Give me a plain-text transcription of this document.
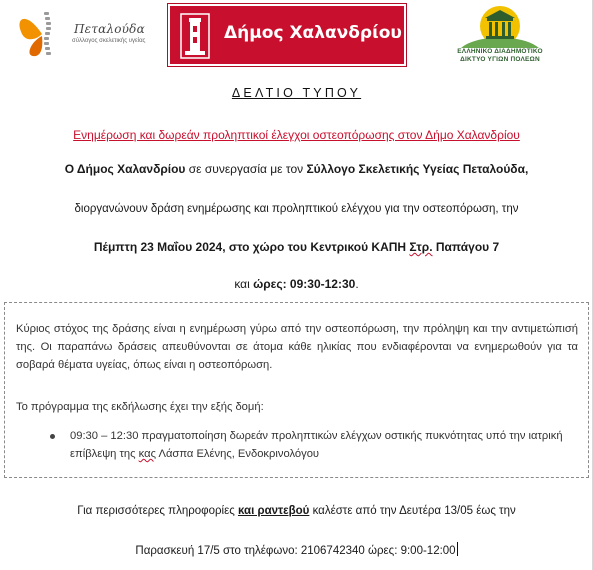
Πεταλούδα
σύλλογος σκελετικής υγείας	Δήμος Χαλανδρίου
ΕΛΛΗΝΙΚΟ ΔΙΑΔΗΜΟΤΙΚΟ
ΔΙΚΤΥΟ ΥΓΙΩΝ ΠΟΛΕΩΝ
ΔΕΛΤΙΟ ΤΥΠΟΥ
Ενημέρωση και δωρεάν προληπτικοί έλεγχοι οστεοπόρωσης στον Δήμο Χαλανδρίου
Ο Δήμος Χαλανδρίου σε συνεργασία με τον Σύλλογο Σκελετικής Υγείας Πεταλούδα,
διοργανώνουν δράση ενημέρωσης και προληπτικού ελέγχου για την οστεοπόρωση, την
Πέμπτη 23 Μαΐου 2024, στο χώρο του Κεντρικού ΚΑΠΗ Στρ. Παπάγου 7
και ώρες: 09:30-12:30.
Κύριος στόχος της δράσης είναι η ενημέρωση γύρω από την οστεοπόρωση, την πρόληψη και την αντιμετώπισή της. Οι παραπάνω δράσεις απευθύνονται σε άτομα κάθε ηλικίας που ενδιαφέρονται να ενημερωθούν για τα σοβαρά θέματα υγείας, όπως είναι η οστεοπόρωση.
Το πρόγραμμα της εκδήλωσης έχει την εξής δομή:
09:30 – 12:30 πραγματοποίηση δωρεάν προληπτικών ελέγχων οστικής πυκνότητας υπό την ιατρική επίβλεψη της κας Λάσπα Ελένης, Ενδοκρινολόγου
Για περισσότερες πληροφορίες και ραντεβού καλέστε από την Δευτέρα 13/05 έως την
Παρασκευή 17/5 στο τηλέφωνο: 2106742340 ώρες: 9:00-12:00
